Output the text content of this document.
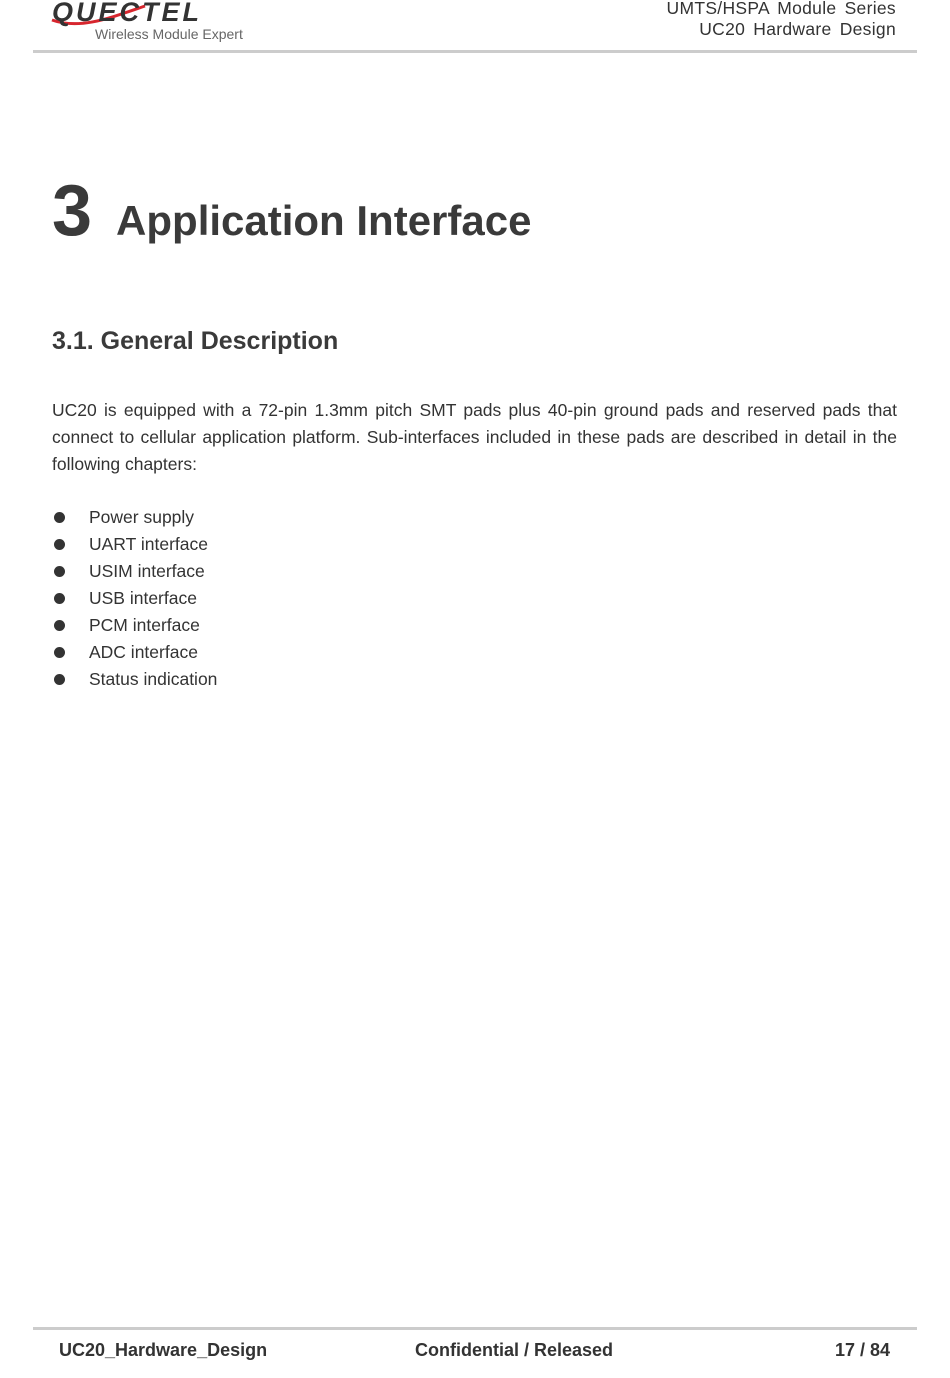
QUECTEL
Wireless Module Expert
UMTS/HSPA Module Series
UC20 Hardware Design
3 Application Interface
3.1. General Description

UC20 is equipped with a 72-pin 1.3mm pitch SMT pads plus 40-pin ground pads and reserved pads that connect to cellular application platform. Sub-interfaces included in these pads are described in detail in the following chapters:

Power supply
UART interface
USIM interface
USB interface
PCM interface
ADC interface
Status indication
UC20_Hardware_Design	Confidential / Released	17 / 84
